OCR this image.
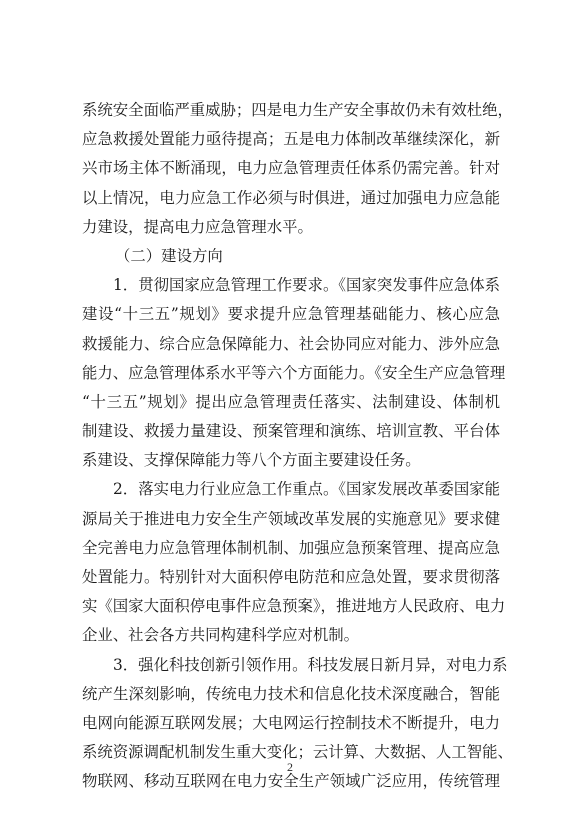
系统安全面临严重威胁；四是电力生产安全事故仍未有效杜绝，
应急救援处置能力亟待提高；五是电力体制改革继续深化，新
兴市场主体不断涌现，电力应急管理责任体系仍需完善。针对
以上情况，电力应急工作必须与时俱进，通过加强电力应急能
力建设，提高电力应急管理水平。
（二）建设方向
1．贯彻国家应急管理工作要求。《国家突发事件应急体系
建设“十三五”规划》要求提升应急管理基础能力、核心应急
救援能力、综合应急保障能力、社会协同应对能力、涉外应急
能力、应急管理体系水平等六个方面能力。《安全生产应急管理
“十三五”规划》提出应急管理责任落实、法制建设、体制机
制建设、救援力量建设、预案管理和演练、培训宣教、平台体
系建设、支撑保障能力等八个方面主要建设任务。
2．落实电力行业应急工作重点。《国家发展改革委国家能
源局关于推进电力安全生产领域改革发展的实施意见》要求健
全完善电力应急管理体制机制、加强应急预案管理、提高应急
处置能力。特别针对大面积停电防范和应急处置，要求贯彻落
实《国家大面积停电事件应急预案》，推进地方人民政府、电力
企业、社会各方共同构建科学应对机制。
3．强化科技创新引领作用。科技发展日新月异，对电力系
统产生深刻影响，传统电力技术和信息化技术深度融合，智能
电网向能源互联网发展；大电网运行控制技术不断提升，电力
系统资源调配机制发生重大变化；云计算、大数据、人工智能、
物联网、移动互联网在电力安全生产领域广泛应用，传统管理
2
